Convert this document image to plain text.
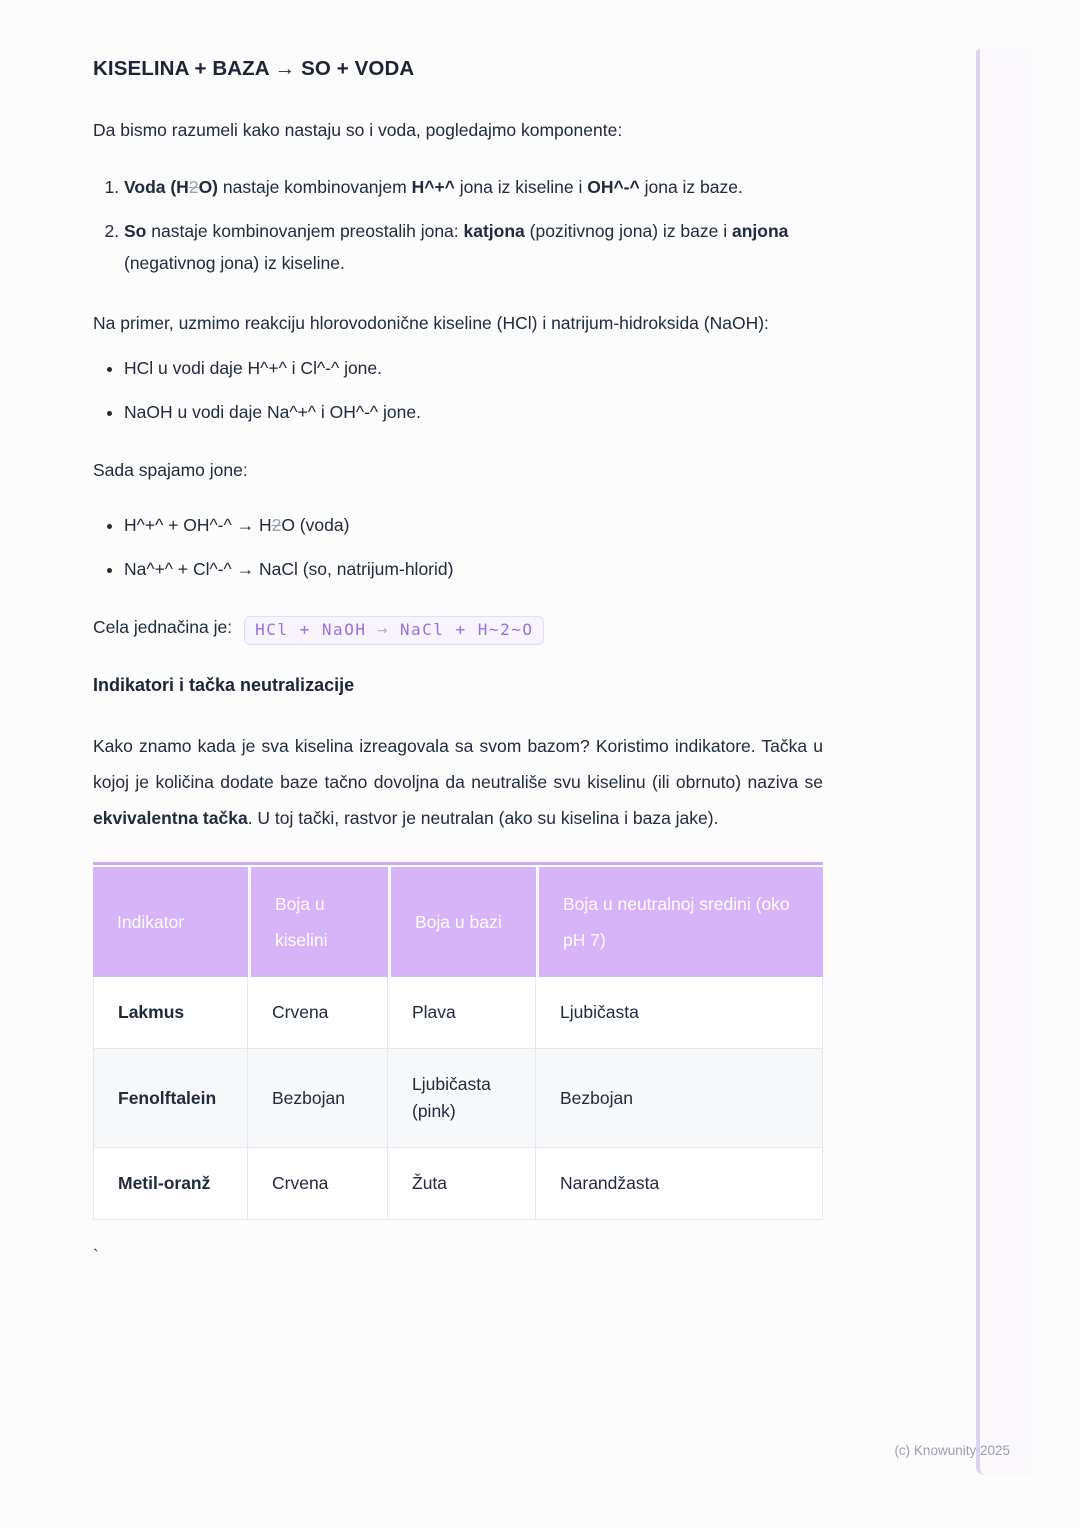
KISELINA + BAZA → SO + VODA

Da bismo razumeli kako nastaju so i voda, pogledajmo komponente:

1. Voda (H2O) nastaje kombinovanjem H^+^ jona iz kiseline i OH^-^ jona iz baze.
2. So nastaje kombinovanjem preostalih jona: katjona (pozitivnog jona) iz baze i anjona (negativnog jona) iz kiseline.

Na primer, uzmimo reakciju hlorovodonične kiseline (HCl) i natrijum-hidroksida (NaOH):

• HCl u vodi daje H^+^ i Cl^-^ jone.
• NaOH u vodi daje Na^+^ i OH^-^ jone.

Sada spajamo jone:

• H^+^ + OH^-^ → H2O (voda)
• Na^+^ + Cl^-^ → NaCl (so, natrijum-hlorid)

Cela jednačina je: HCl + NaOH → NaCl + H~2~O

Indikatori i tačka neutralizacije

Kako znamo kada je sva kiselina izreagovala sa svom bazom? Koristimo indikatore. Tačka u kojoj je količina dodate baze tačno dovoljna da neutrališe svu kiselinu (ili obrnuto) naziva se ekvivalentna tačka. U toj tački, rastvor je neutralan (ako su kiselina i baza jake).

Indikator	Boja u kiselini	Boja u bazi	Boja u neutralnoj sredini (oko pH 7)
Lakmus	Crvena	Plava	Ljubičasta
Fenolftalein	Bezbojan	Ljubičasta (pink)	Bezbojan
Metil-oranž	Crvena	Žuta	Narandžasta
`
(c) Knowunity 2025
